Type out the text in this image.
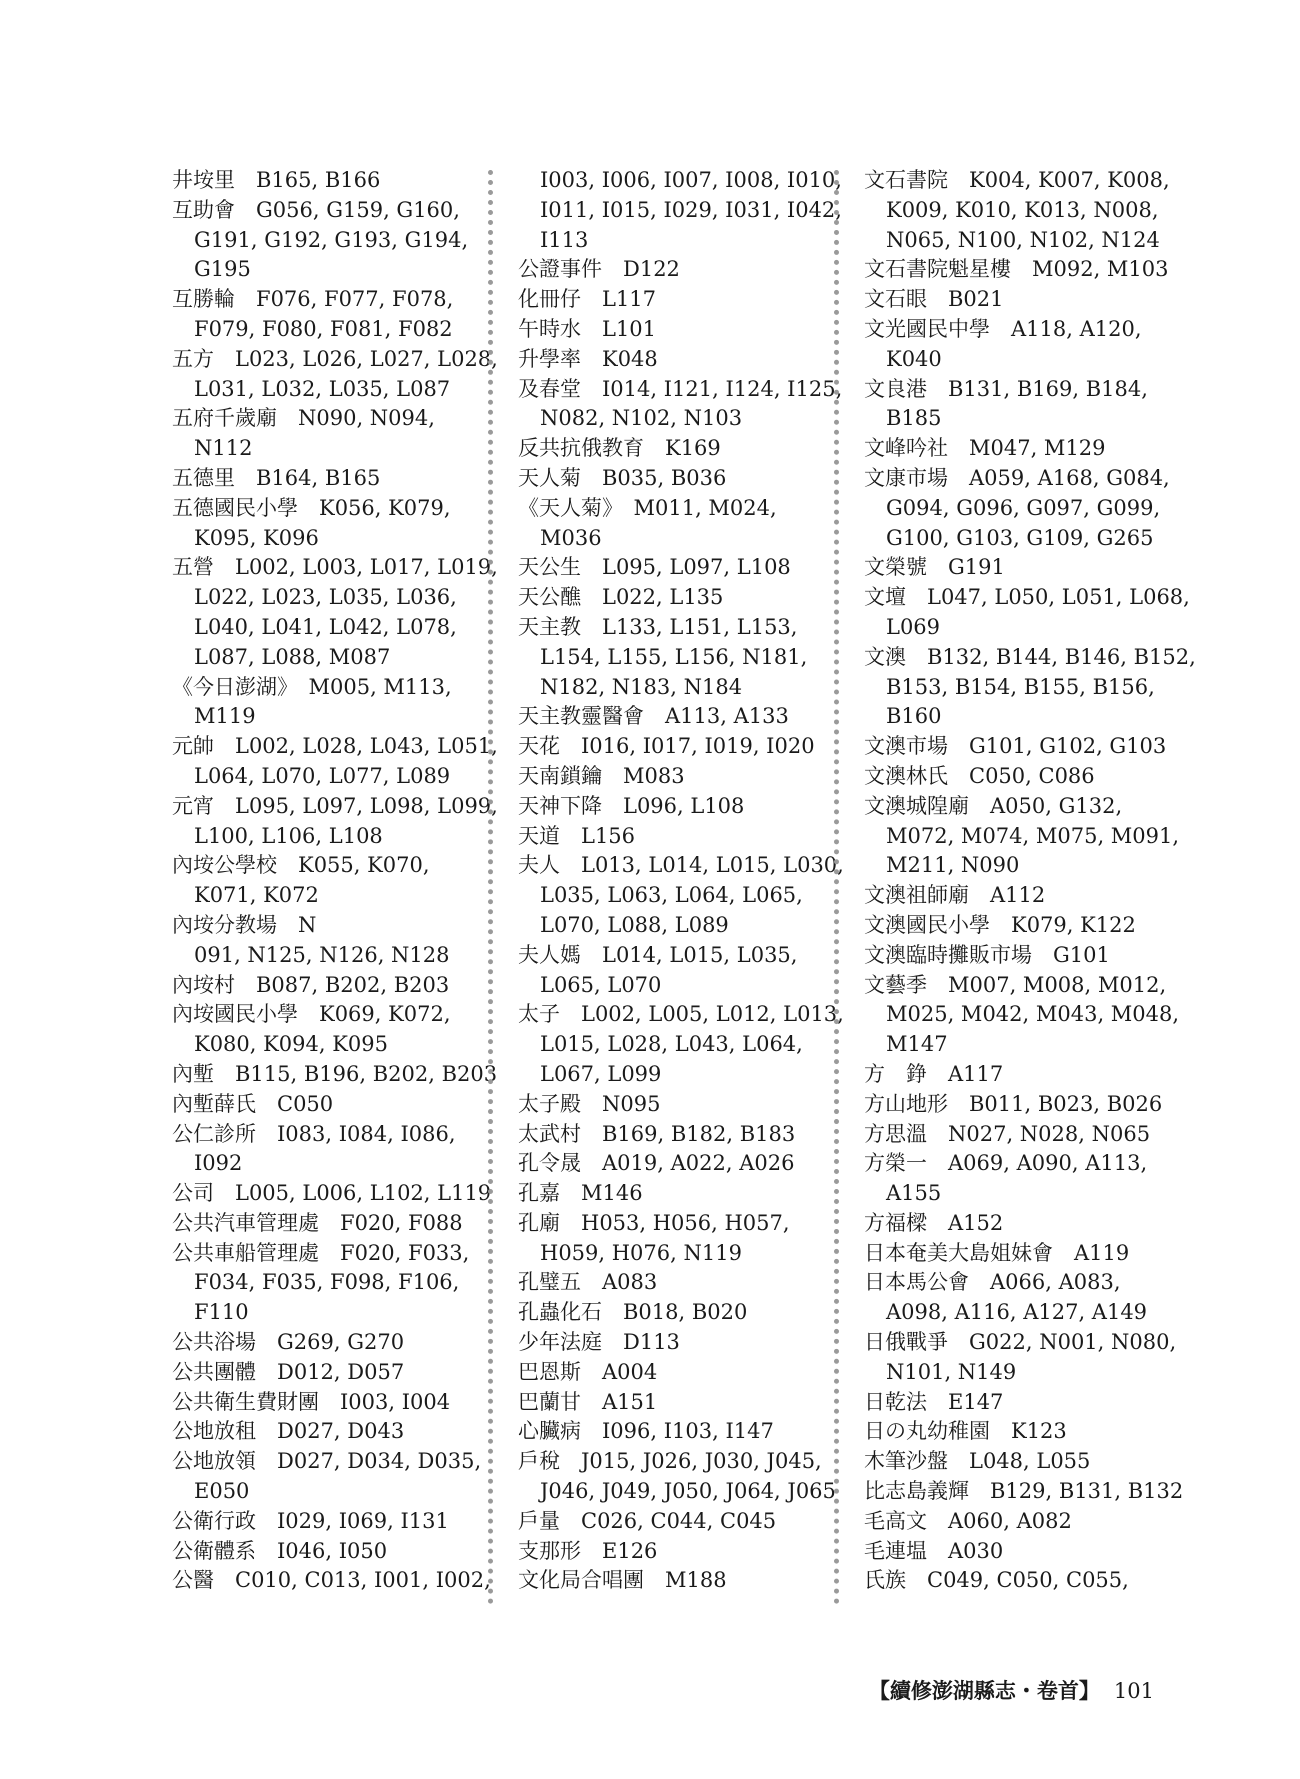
井垵里　B165, B166
互助會　G056, G159, G160,
G191, G192, G193, G194,
G195
互勝輪　F076, F077, F078,
F079, F080, F081, F082
五方　L023, L026, L027, L028,
L031, L032, L035, L087
五府千歲廟　N090, N094,
N112
五德里　B164, B165
五德國民小學　K056, K079,
K095, K096
五營　L002, L003, L017, L019,
L022, L023, L035, L036,
L040, L041, L042, L078,
L087, L088, M087
《今日澎湖》　M005, M113,
M119
元帥　L002, L028, L043, L051,
L064, L070, L077, L089
元宵　L095, L097, L098, L099,
L100, L106, L108
內垵公學校　K055, K070,
K071, K072
內垵分教場　N
091, N125, N126, N128
內垵村　B087, B202, B203
內垵國民小學　K069, K072,
K080, K094, K095
內塹　B115, B196, B202, B203
內塹薛氏　C050
公仁診所　I083, I084, I086,
I092
公司　L005, L006, L102, L119
公共汽車管理處　F020, F088
公共車船管理處　F020, F033,
F034, F035, F098, F106,
F110
公共浴場　G269, G270
公共團體　D012, D057
公共衛生費財團　I003, I004
公地放租　D027, D043
公地放領　D027, D034, D035,
E050
公衛行政　I029, I069, I131
公衛體系　I046, I050
公醫　C010, C013, I001, I002,
I003, I006, I007, I008, I010,
I011, I015, I029, I031, I042,
I113
公證事件　D122
化冊仔　L117
午時水　L101
升學率　K048
及春堂　I014, I121, I124, I125,
N082, N102, N103
反共抗俄教育　K169
天人菊　B035, B036
《天人菊》　M011, M024,
M036
天公生　L095, L097, L108
天公醮　L022, L135
天主教　L133, L151, L153,
L154, L155, L156, N181,
N182, N183, N184
天主教靈醫會　A113, A133
天花　I016, I017, I019, I020
天南鎖鑰　M083
天神下降　L096, L108
天道　L156
夫人　L013, L014, L015, L030,
L035, L063, L064, L065,
L070, L088, L089
夫人媽　L014, L015, L035,
L065, L070
太子　L002, L005, L012, L013,
L015, L028, L043, L064,
L067, L099
太子殿　N095
太武村　B169, B182, B183
孔令晟　A019, A022, A026
孔嘉　M146
孔廟　H053, H056, H057,
H059, H076, N119
孔璧五　A083
孔蟲化石　B018, B020
少年法庭　D113
巴恩斯　A004
巴蘭甘　A151
心臟病　I096, I103, I147
戶稅　J015, J026, J030, J045,
J046, J049, J050, J064, J065
戶量　C026, C044, C045
支那形　E126
文化局合唱團　M188
文石書院　K004, K007, K008,
K009, K010, K013, N008,
N065, N100, N102, N124
文石書院魁星樓　M092, M103
文石眼　B021
文光國民中學　A118, A120,
K040
文良港　B131, B169, B184,
B185
文峰吟社　M047, M129
文康市場　A059, A168, G084,
G094, G096, G097, G099,
G100, G103, G109, G265
文榮號　G191
文壇　L047, L050, L051, L068,
L069
文澳　B132, B144, B146, B152,
B153, B154, B155, B156,
B160
文澳市場　G101, G102, G103
文澳林氏　C050, C086
文澳城隍廟　A050, G132,
M072, M074, M075, M091,
M211, N090
文澳祖師廟　A112
文澳國民小學　K079, K122
文澳臨時攤販市場　G101
文藝季　M007, M008, M012,
M025, M042, M043, M048,
M147
方　錚　A117
方山地形　B011, B023, B026
方思溫　N027, N028, N065
方榮一　A069, A090, A113,
A155
方福樑　A152
日本奄美大島姐妹會　A119
日本馬公會　A066, A083,
A098, A116, A127, A149
日俄戰爭　G022, N001, N080,
N101, N149
日乾法　E147
日の丸幼稚園　K123
木筆沙盤　L048, L055
比志島義輝　B129, B131, B132
毛高文　A060, A082
毛連塭　A030
氏族　C049, C050, C055,
【續修澎湖縣志・卷首】 101
